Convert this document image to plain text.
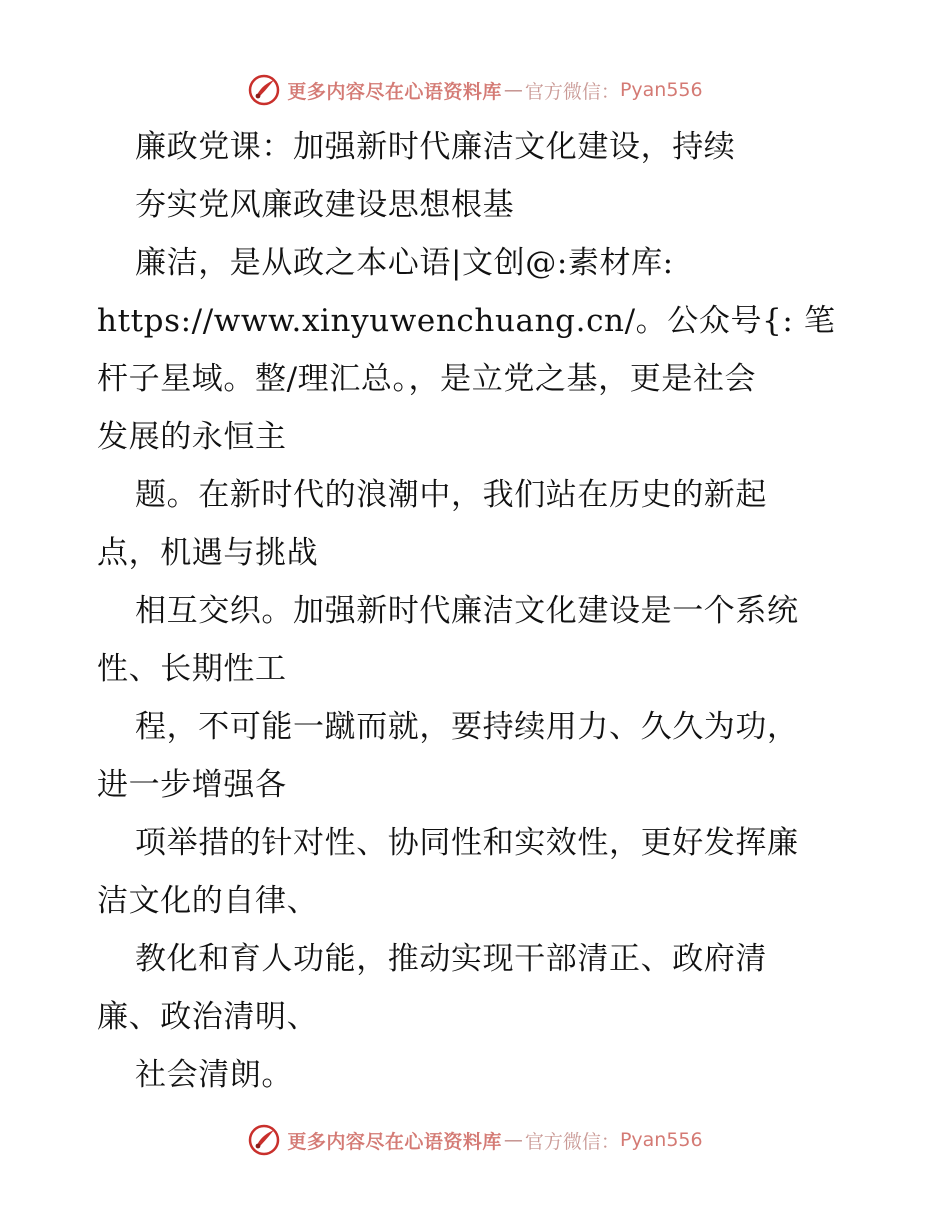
更多内容尽在心语资料库 — 官方微信： Pyan556
廉政党课：加强新时代廉洁文化建设，持续
夯实党风廉政建设思想根基
廉洁，是从政之本心语|文创@:素材库:
https://www.xinyuwenchuang.cn/。公众号{: 笔
杆子星域。整/理汇总。，是立党之基，更是社会
发展的永恒主
题。在新时代的浪潮中，我们站在历史的新起
点，机遇与挑战
相互交织。加强新时代廉洁文化建设是一个系统
性、长期性工
程，不可能一蹴而就，要持续用力、久久为功，
进一步增强各
项举措的针对性、协同性和实效性，更好发挥廉
洁文化的自律、
教化和育人功能，推动实现干部清正、政府清
廉、政治清明、
社会清朗。
更多内容尽在心语资料库 — 官方微信： Pyan556
